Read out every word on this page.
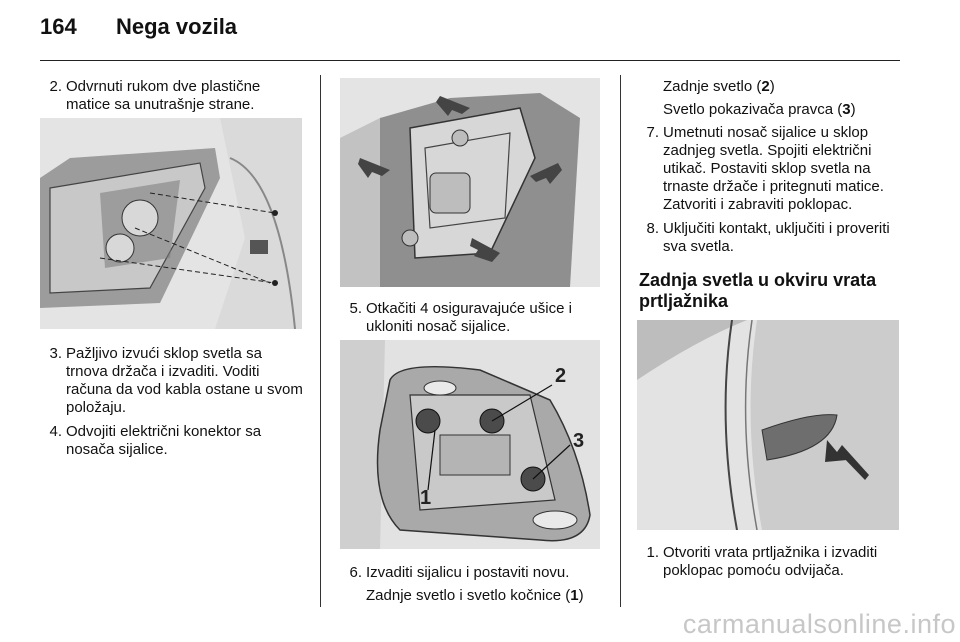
164 Nega vozila

2. Odvrnuti rukom dve plastične matice sa unutrašnje strane.

3. Pažljivo izvući sklop svetla sa trnova držača i izvaditi. Voditi računa da vod kabla ostane u svom položaju.

4. Odvojiti električni konektor sa nosača sijalice.

5. Otkačiti 4 osiguravajuće ušice i ukloniti nosač sijalice.

1
2
3

6. Izvaditi sijalicu i postaviti novu.

Zadnje svetlo i svetlo kočnice (1)

Zadnje svetlo (2)

Svetlo pokazivača pravca (3)

7. Umetnuti nosač sijalice u sklop zadnjeg svetla. Spojiti električni utikač. Postaviti sklop svetla na trnaste držače i pritegnuti matice. Zatvoriti i zabraviti poklopac.

8. Uključiti kontakt, uključiti i proveriti sva svetla.

Zadnja svetla u okviru vrata prtljažnika

1. Otvoriti vrata prtljažnika i izvaditi poklopac pomoću odvijača.

carmanualsonline.info
